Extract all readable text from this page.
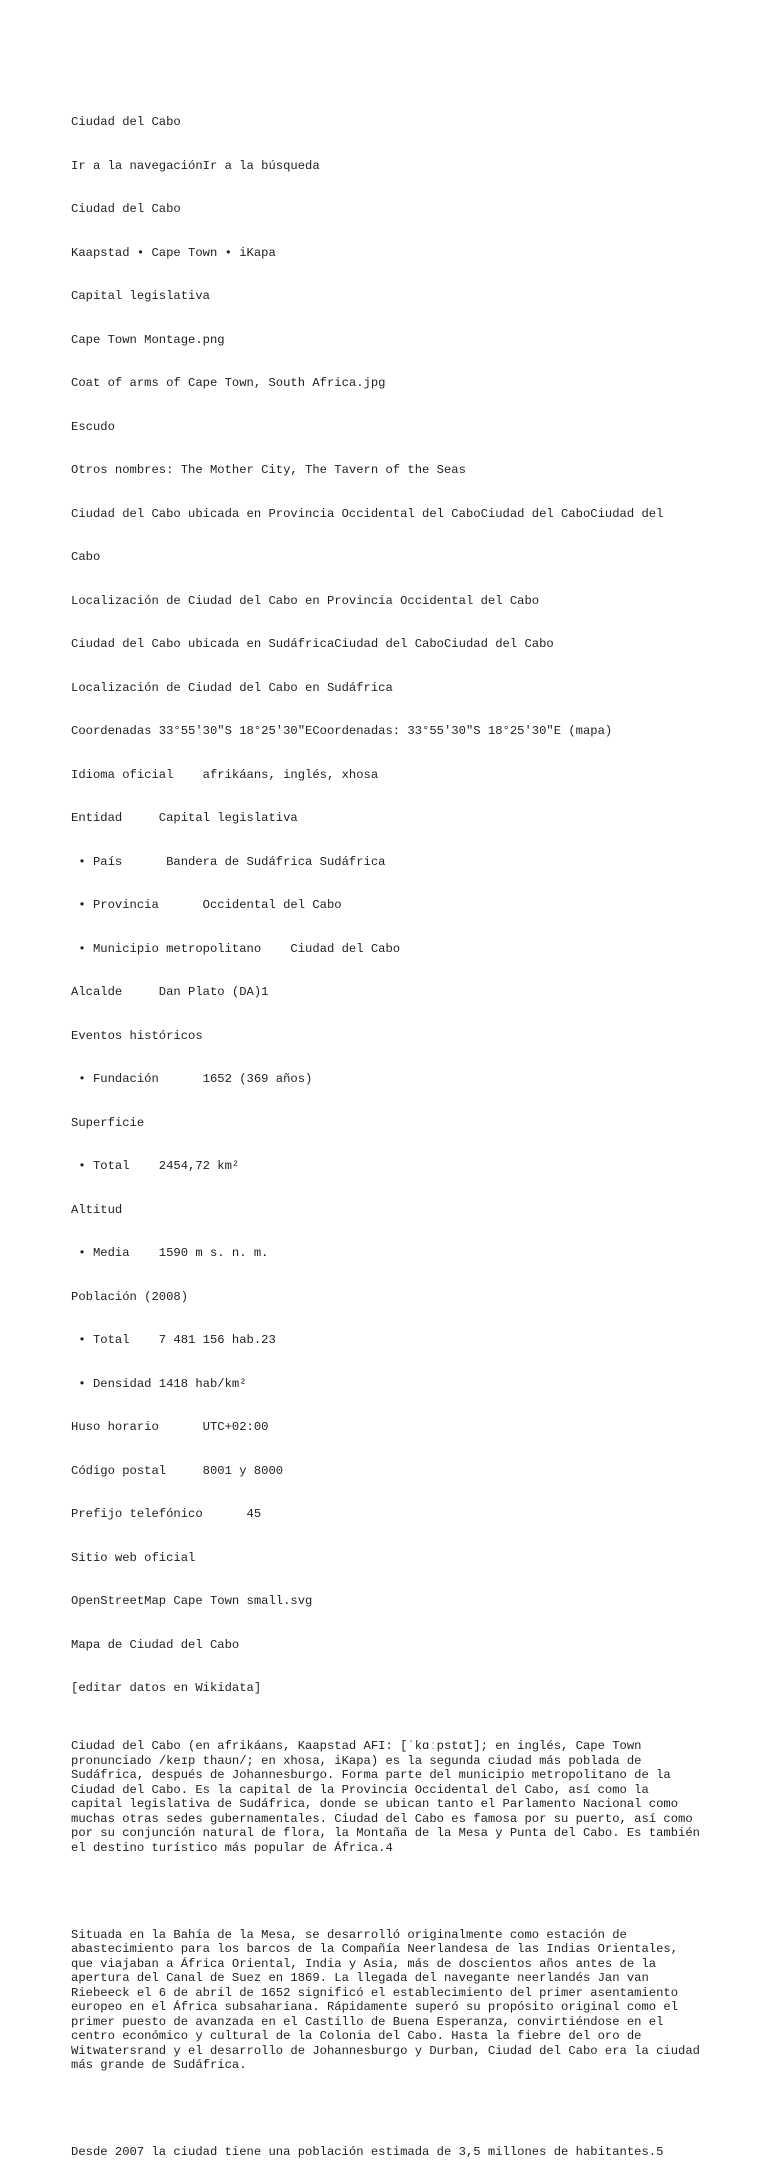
Ciudad del Cabo

Ir a la navegaciónIr a la búsqueda

Ciudad del Cabo

Kaapstad • Cape Town • iKapa

Capital legislativa

Cape Town Montage.png

Coat of arms of Cape Town, South Africa.jpg

Escudo

Otros nombres: The Mother City, The Tavern of the Seas

Ciudad del Cabo ubicada en Provincia Occidental del CaboCiudad del CaboCiudad del

Cabo

Localización de Ciudad del Cabo en Provincia Occidental del Cabo

Ciudad del Cabo ubicada en SudáfricaCiudad del CaboCiudad del Cabo

Localización de Ciudad del Cabo en Sudáfrica

Coordenadas 33°55′30″S 18°25′30″ECoordenadas: 33°55′30″S 18°25′30″E (mapa)

Idioma oficial    afrikáans, inglés, xhosa

Entidad     Capital legislativa

• País      Bandera de Sudáfrica Sudáfrica

• Provincia      Occidental del Cabo

• Municipio metropolitano    Ciudad del Cabo

Alcalde     Dan Plato (DA)1

Eventos históricos

• Fundación      1652 (369 años)

Superficie

• Total    2454,72 km²

Altitud

• Media    1590 m s. n. m.

Población (2008)

• Total    7 481 156 hab.23

• Densidad 1418 hab/km²

Huso horario      UTC+02:00

Código postal     8001 y 8000

Prefijo telefónico      45

Sitio web oficial

OpenStreetMap Cape Town small.svg

Mapa de Ciudad del Cabo

[editar datos en Wikidata]

Ciudad del Cabo (en afrikáans, Kaapstad AFI: [ˈkɑːpstɑt]; en inglés, Cape Town pronunciado /keɪp thaʊn/; en xhosa, iKapa) es la segunda ciudad más poblada de Sudáfrica, después de Johannesburgo. Forma parte del municipio metropolitano de la Ciudad del Cabo. Es la capital de la Provincia Occidental del Cabo, así como la capital legislativa de Sudáfrica, donde se ubican tanto el Parlamento Nacional como muchas otras sedes gubernamentales. Ciudad del Cabo es famosa por su puerto, así como por su conjunción natural de flora, la Montaña de la Mesa y Punta del Cabo. Es también el destino turístico más popular de África.4

Situada en la Bahía de la Mesa, se desarrolló originalmente como estación de abastecimiento para los barcos de la Compañía Neerlandesa de las Indias Orientales, que viajaban a África Oriental, India y Asia, más de doscientos años antes de la apertura del Canal de Suez en 1869. La llegada del navegante neerlandés Jan van Riebeeck el 6 de abril de 1652 significó el establecimiento del primer asentamiento europeo en el África subsahariana. Rápidamente superó su propósito original como el primer puesto de avanzada en el Castillo de Buena Esperanza, convirtiéndose en el centro económico y cultural de la Colonia del Cabo. Hasta la fiebre del oro de Witwatersrand y el desarrollo de Johannesburgo y Durban, Ciudad del Cabo era la ciudad más grande de Sudáfrica.

Desde 2007 la ciudad tiene una población estimada de 3,5 millones de habitantes.5
